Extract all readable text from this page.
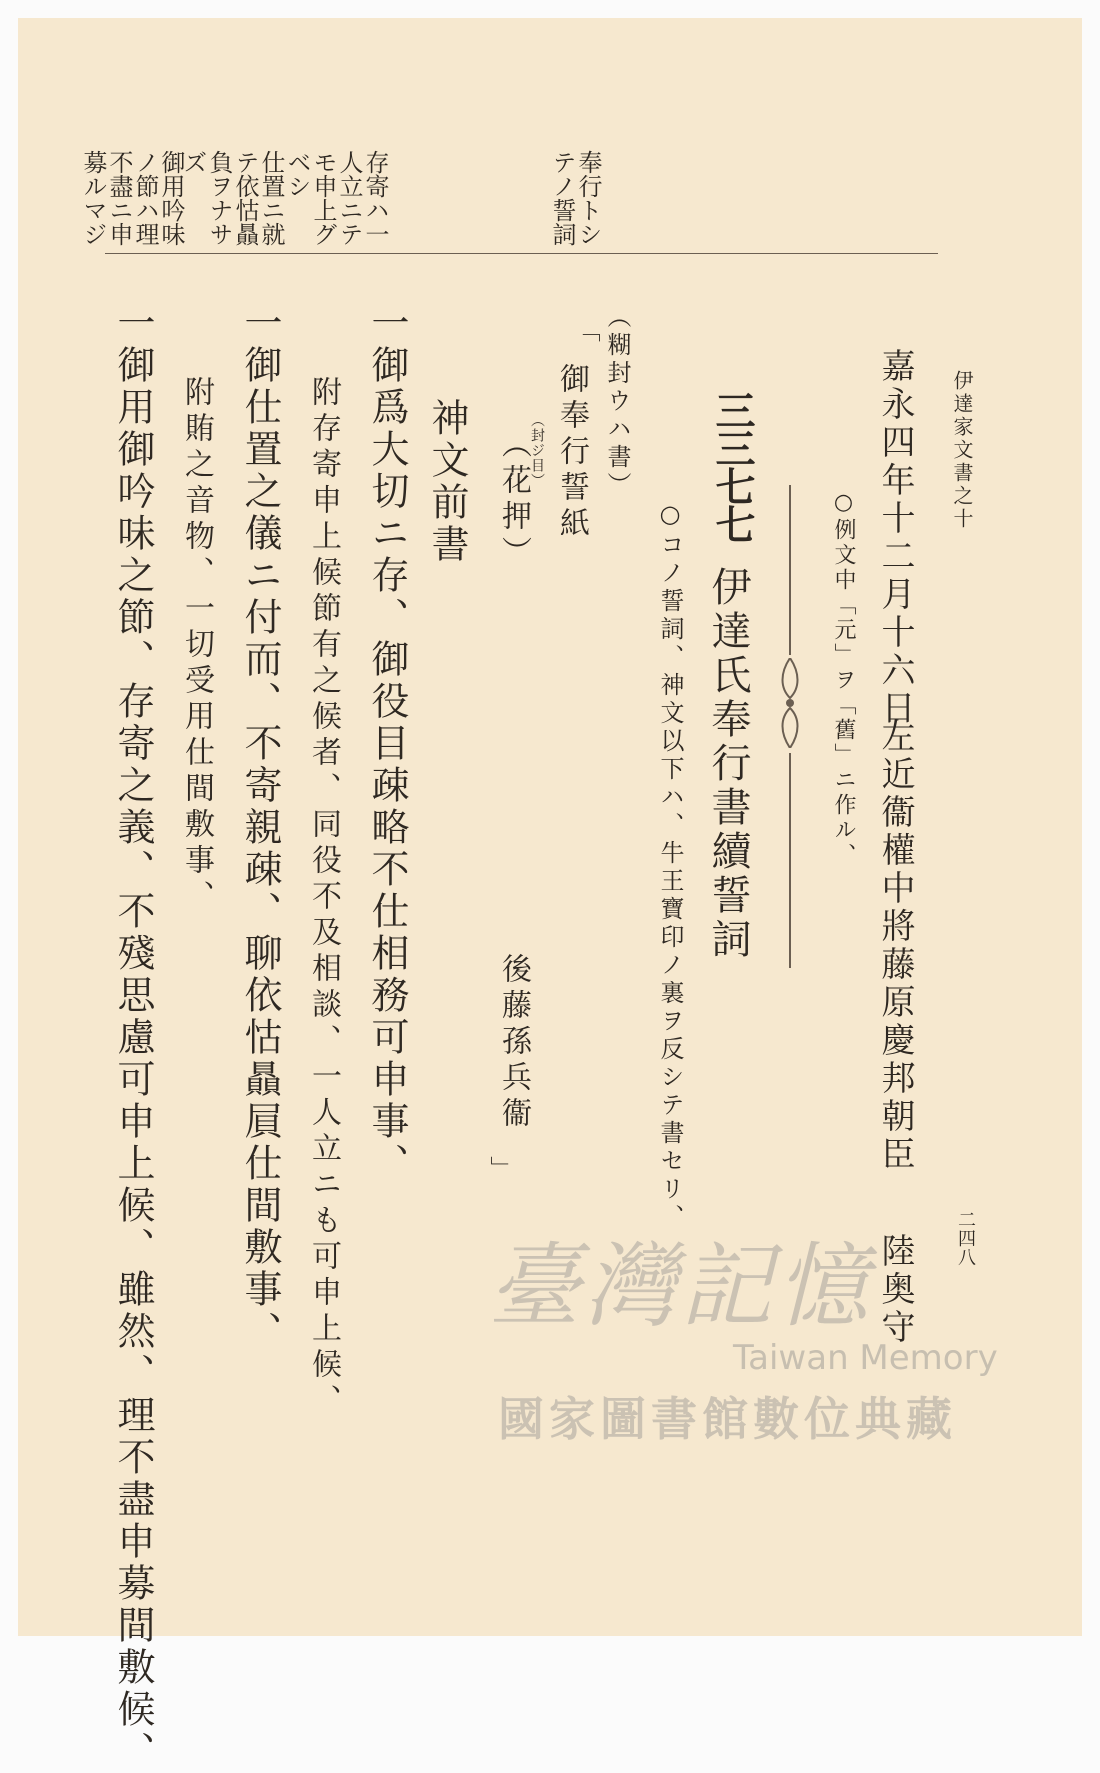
伊達家文書之十
二四八
嘉永四年十二月十六日
左近衞權中將藤原慶邦朝臣
陸奥守
○例文中「元」ヲ「舊」ニ作ル、
三三七七
伊達氏奉行書續誓詞
○コノ誓詞、神文以下ハ、牛王寶印ノ裏ヲ反シテ書セリ、
（糊封ウハ書）
「
御奉行誓紙
（封ジ目）
（花押）
後藤孫兵衞
」
神文前書
一御爲大切ニ存、御役目疎略不仕相務可申事、
附存寄申上候節有之候者、同役不及相談、一人立ニも可申上候、
一御仕置之儀ニ付而、不寄親疎、聊依怙贔屓仕間敷事、
附賄之音物、一切受用仕間敷事、
一御用御吟味之節、存寄之義、不殘思慮可申上候、雖然、理不盡申募間敷候、
奉行トシ
テノ誓詞
存寄ハ一
人立ニテ
モ申上グ
ベシ
仕置ニ就
テ依怙贔
負ヲナサ
ズ
御用吟味
ノ節ハ理
不盡ニ申
募ルマジ
臺灣記憶
Taiwan Memory
國家圖書館數位典藏
